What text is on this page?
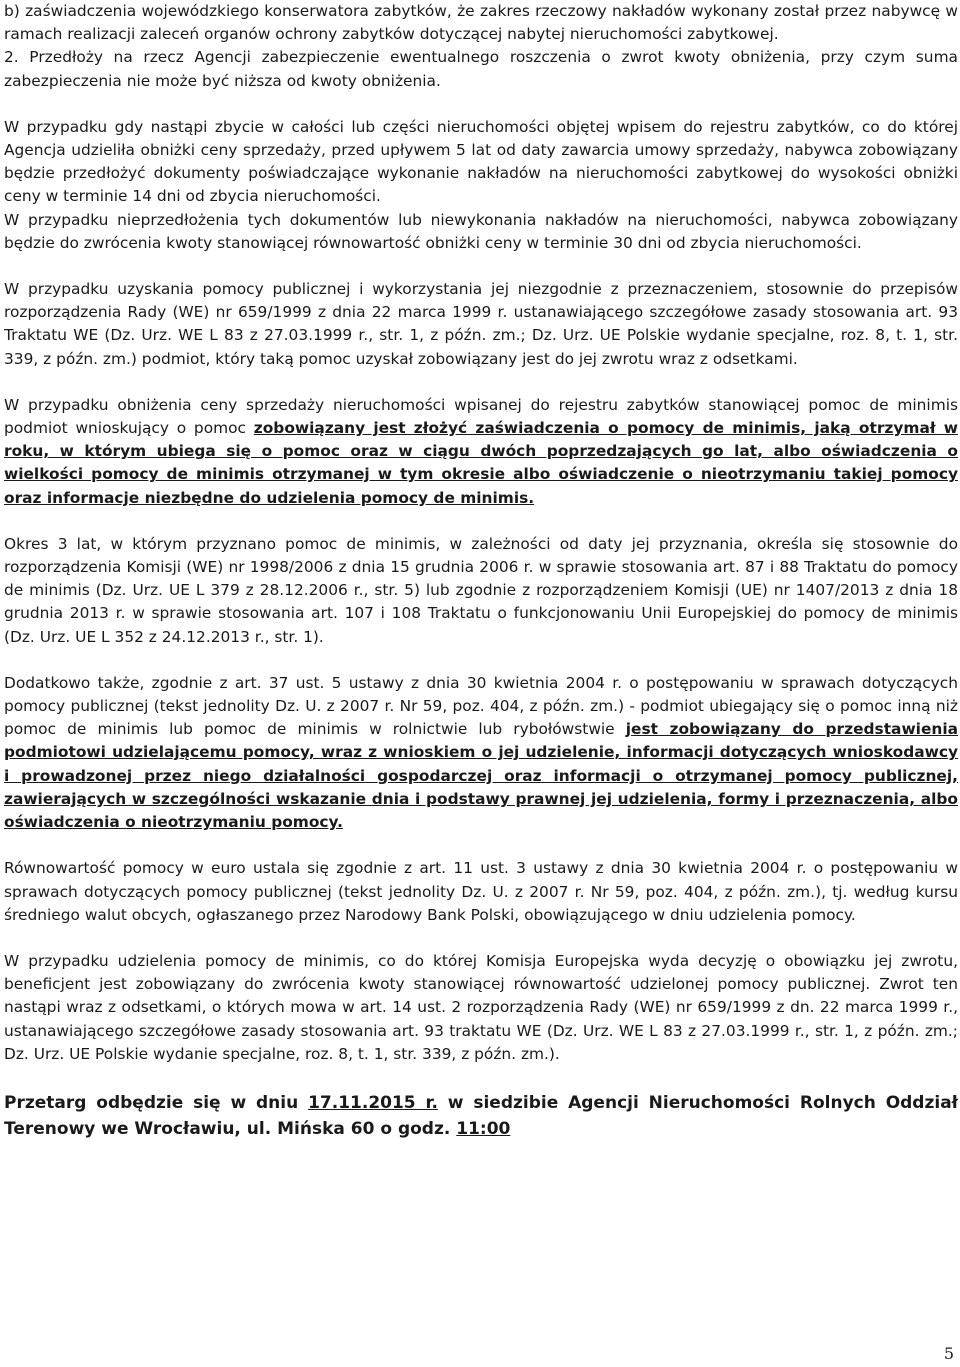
b) zaświadczenia wojewódzkiego konserwatora zabytków, że zakres rzeczowy nakładów wykonany został przez nabywcę w ramach realizacji zaleceń organów ochrony zabytków dotyczącej nabytej nieruchomości zabytkowej.

2. Przedłoży na rzecz Agencji zabezpieczenie ewentualnego roszczenia o zwrot kwoty obniżenia, przy czym suma zabezpieczenia nie może być niższa od kwoty obniżenia.

W przypadku gdy nastąpi zbycie w całości lub części nieruchomości objętej wpisem do rejestru zabytków, co do której Agencja udzieliła obniżki ceny sprzedaży, przed upływem 5 lat od daty zawarcia umowy sprzedaży, nabywca zobowiązany będzie przedłożyć dokumenty poświadczające wykonanie nakładów na nieruchomości zabytkowej do wysokości obniżki ceny w terminie 14 dni od zbycia nieruchomości.

W przypadku nieprzedłożenia tych dokumentów lub niewykonania nakładów na nieruchomości, nabywca zobowiązany będzie do zwrócenia kwoty stanowiącej równowartość obniżki ceny w terminie 30 dni od zbycia nieruchomości.

W przypadku uzyskania pomocy publicznej i wykorzystania jej niezgodnie z przeznaczeniem, stosownie do przepisów rozporządzenia Rady (WE) nr 659/1999 z dnia 22 marca 1999 r. ustanawiającego szczegółowe zasady stosowania art. 93 Traktatu WE (Dz. Urz. WE L 83 z 27.03.1999 r., str. 1, z późn. zm.; Dz. Urz. UE Polskie wydanie specjalne, roz. 8, t. 1, str. 339, z późn. zm.) podmiot, który taką pomoc uzyskał zobowiązany jest do jej zwrotu wraz z odsetkami.

W przypadku obniżenia ceny sprzedaży nieruchomości wpisanej do rejestru zabytków stanowiącej pomoc de minimis podmiot wnioskujący o pomoc zobowiązany jest złożyć zaświadczenia o pomocy de minimis, jaką otrzymał w roku, w którym ubiega się o pomoc oraz w ciągu dwóch poprzedzających go lat, albo oświadczenia o wielkości pomocy de minimis otrzymanej w tym okresie albo oświadczenie o nieotrzymaniu takiej pomocy oraz informacje niezbędne do udzielenia pomocy de minimis.

Okres 3 lat, w którym przyznano pomoc de minimis, w zależności od daty jej przyznania, określa się stosownie do rozporządzenia Komisji (WE) nr 1998/2006 z dnia 15 grudnia 2006 r. w sprawie stosowania art. 87 i 88 Traktatu do pomocy de minimis (Dz. Urz. UE L 379 z 28.12.2006 r., str. 5) lub zgodnie z rozporządzeniem Komisji (UE) nr 1407/2013 z dnia 18 grudnia 2013 r. w sprawie stosowania art. 107 i 108 Traktatu o funkcjonowaniu Unii Europejskiej do pomocy de minimis (Dz. Urz. UE L 352 z 24.12.2013 r., str. 1).

Dodatkowo także, zgodnie z art. 37 ust. 5 ustawy z dnia 30 kwietnia 2004 r. o postępowaniu w sprawach dotyczących pomocy publicznej (tekst jednolity Dz. U. z 2007 r. Nr 59, poz. 404, z późn. zm.) - podmiot ubiegający się o pomoc inną niż pomoc de minimis lub pomoc de minimis w rolnictwie lub rybołówstwie jest zobowiązany do przedstawienia podmiotowi udzielającemu pomocy, wraz z wnioskiem o jej udzielenie, informacji dotyczących wnioskodawcy i prowadzonej przez niego działalności gospodarczej oraz informacji o otrzymanej pomocy publicznej, zawierających w szczególności wskazanie dnia i podstawy prawnej jej udzielenia, formy i przeznaczenia, albo oświadczenia o nieotrzymaniu pomocy.

Równowartość pomocy w euro ustala się zgodnie z art. 11 ust. 3 ustawy z dnia 30 kwietnia 2004 r. o postępowaniu w sprawach dotyczących pomocy publicznej (tekst jednolity Dz. U. z 2007 r. Nr 59, poz. 404, z późn. zm.), tj. według kursu średniego walut obcych, ogłaszanego przez Narodowy Bank Polski, obowiązującego w dniu udzielenia pomocy.

W przypadku udzielenia pomocy de minimis, co do której Komisja Europejska wyda decyzję o obowiązku jej zwrotu, beneficjent jest zobowiązany do zwrócenia kwoty stanowiącej równowartość udzielonej pomocy publicznej. Zwrot ten nastąpi wraz z odsetkami, o których mowa w art. 14 ust. 2 rozporządzenia Rady (WE) nr 659/1999 z dn. 22 marca 1999 r., ustanawiającego szczegółowe zasady stosowania art. 93 traktatu WE (Dz. Urz. WE L 83 z 27.03.1999 r., str. 1, z późn. zm.; Dz. Urz. UE Polskie wydanie specjalne, roz. 8, t. 1, str. 339, z późn. zm.).

Przetarg odbędzie się w dniu 17.11.2015 r. w siedzibie Agencji Nieruchomości Rolnych Oddział Terenowy we Wrocławiu, ul. Mińska 60 o godz. 11:00

5
